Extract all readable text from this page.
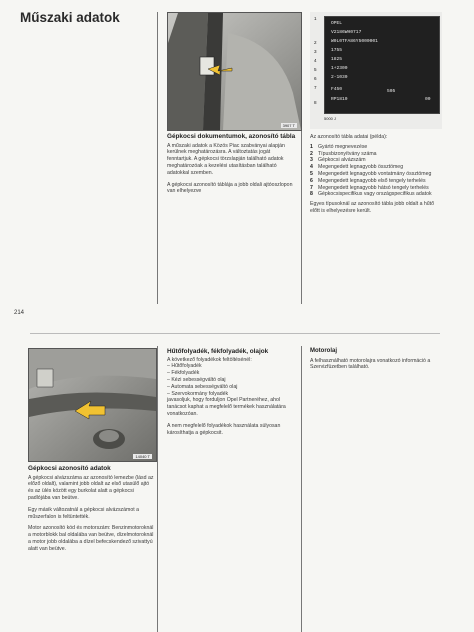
Műszaki adatok
3907 T
Gépkocsi dokumentumok, azonosító tábla

A műszaki adatok a Közös Piac szabványai alapján kerülnek meghatározásra. A változtatás jogát fenntartjuk. A gépkocsi törzslapján található adatok meghatározóak a kezelési utasításban található adatokkal szemben.

A gépkocsi azonosító táblája a jobb oldali ajtóoszlopon van elhelyezve

1
2
3
4
5
6
7
8
OPEL
V2186WH0717
W0L0TFA86Y5000001
1755
1825
1+2300
2-1030
F450
RP1810
505
00
5000 J

Az azonosító tábla adatai (példa):

1 Gyártó megnevezése
2 Típusbizonyítvány száma
3 Gépkocsi alvázszám
4 Megengedett legnagyobb össztömeg
5 Megengedett legnagyobb vontatmány össztömeg
6 Megengedett legnagyobb első tengely terhelés
7 Megengedett legnagyobb hátsó tengely terhelés
8 Gépkocsispecifikus vagy országspecifikus adatok

Egyes típusoknál az azonosító tábla jobb oldalt a hűtő előtt is elhelyezésre került.

214
14040 T
Gépkocsi azonosító adatok

A gépkocsi alvázszáma az azonosító lemezbe (lásd az előző oldalt), valamint jobb oldalt az első utasülő ajtó és az ülés között egy burkolat alatt a gépkocsi padlójába van beütve.

Egy másik változatnál a gépkocsi alvázszámot a műszerfalon is feltüntették.

Motor azonosító kód és motorszám: Benzinmotoroknál a motorblokk bal oldalába van beütve, dízelmotoroknál a motor jobb oldalába a dízel befecskendező szivattyú alatt van beütve.

Hűtőfolyadék, fékfolyadék, olajok

A következő folyadékok feltöltésénél:

– Hűtőfolyadék
– Fékfolyadék
– Kézi sebességváltó olaj
– Automata sebességváltó olaj
– Szervokormány folyadék

javasoljuk, hogy forduljon Opel Partneréhez, ahol tanácsot kaphat a megfelelő termékek használatára vonatkozóan.

A nem megfelelő folyadékok használata súlyosan károsíthatja a gépkocsit.

Motorolaj

A felhasználható motorolajra vonatkozó információ a Szervizfüzetben található.
